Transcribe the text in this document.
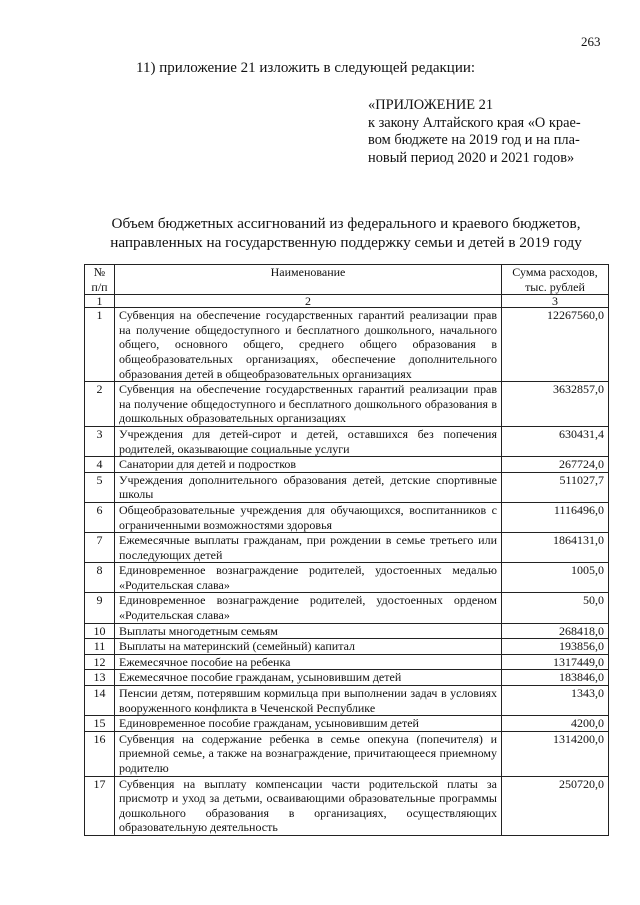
263
11) приложение 21 изложить в следующей редакции:
«ПРИЛОЖЕНИЕ 21
к закону Алтайского края «О крае-
вом бюджете на 2019 год и на пла-
новый период 2020 и 2021 годов»
Объем бюджетных ассигнований из федерального и краевого бюджетов,
направленных на государственную поддержку семьи и детей в 2019 году
№ п/п	Наименование	Сумма расходов, тыс. рублей
1	2	3
1	Субвенция на обеспечение государственных гарантий реализации прав на получение общедоступного и бесплатного дошкольного, начального общего, основного общего, среднего общего образования в общеобразовательных организациях, обеспечение дополнительного образования детей в общеобразовательных организациях	12267560,0
2	Субвенция на обеспечение государственных гарантий реализации прав на получение общедоступного и бесплатного дошкольного образования в дошкольных образовательных организациях	3632857,0
3	Учреждения для детей-сирот и детей, оставшихся без попечения родителей, оказывающие социальные услуги	630431,4
4	Санатории для детей и подростков	267724,0
5	Учреждения дополнительного образования детей, детские спортивные школы	511027,7
6	Общеобразовательные учреждения для обучающихся, воспитанников с ограниченными возможностями здоровья	1116496,0
7	Ежемесячные выплаты гражданам, при рождении в семье третьего или последующих детей	1864131,0
8	Единовременное вознаграждение родителей, удостоенных медалью «Родительская слава»	1005,0
9	Единовременное вознаграждение родителей, удостоенных орденом «Родительская слава»	50,0
10	Выплаты многодетным семьям	268418,0
11	Выплаты на материнский (семейный) капитал	193856,0
12	Ежемесячное пособие на ребенка	1317449,0
13	Ежемесячное пособие гражданам, усыновившим детей	183846,0
14	Пенсии детям, потерявшим кормильца при выполнении задач в условиях вооруженного конфликта в Чеченской Республике	1343,0
15	Единовременное пособие гражданам, усыновившим детей	4200,0
16	Субвенция на содержание ребенка в семье опекуна (попечителя) и приемной семье, а также на вознаграждение, причитающееся приемному родителю	1314200,0
17	Субвенция на выплату компенсации части родительской платы за присмотр и уход за детьми, осваивающими образовательные программы дошкольного образования в организациях, осуществляющих образовательную деятельность	250720,0
